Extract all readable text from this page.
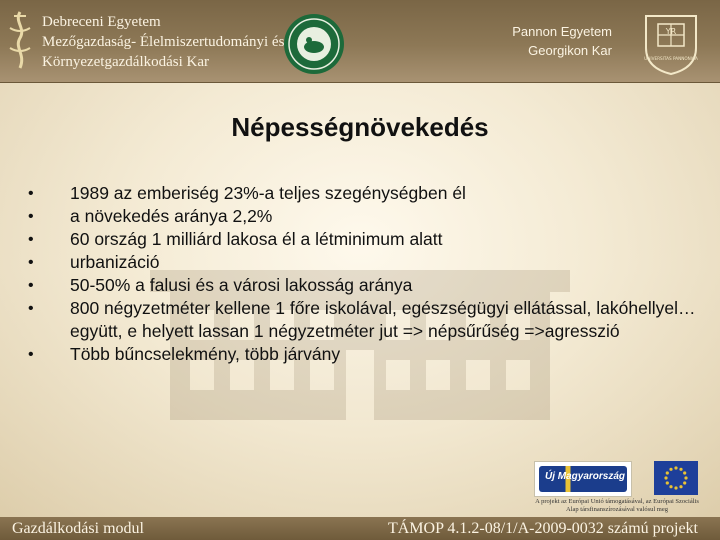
Debreceni Egyetem
Mezőgazdaság- Élelmiszertudományi és
Környezetgazdálkodási Kar
Pannon Egyetem
Georgikon Kar
YR
UNIVERSITAS PANNONICA
Népességnövekedés
•	1989 az emberiség 23%-a teljes szegénységben él
•	a növekedés aránya 2,2%
•	60 ország 1 milliárd lakosa él a létminimum alatt
•	urbanizáció
•	50-50% a falusi és a városi lakosság aránya
•	800 négyzetméter kellene 1 főre iskolával, egészségügyi ellátással, lakóhellyel… együtt, e helyett lassan 1 négyzetméter jut => népsűrűség =>agresszió
•	Több bűncselekmény, több járvány
Új Magyarország
A projekt az Európai Unió támogatásával, az Európai Szociális Alap társfinanszírozásával valósul meg
Gazdálkodási modul	TÁMOP 4.1.2-08/1/A-2009-0032 számú projekt
